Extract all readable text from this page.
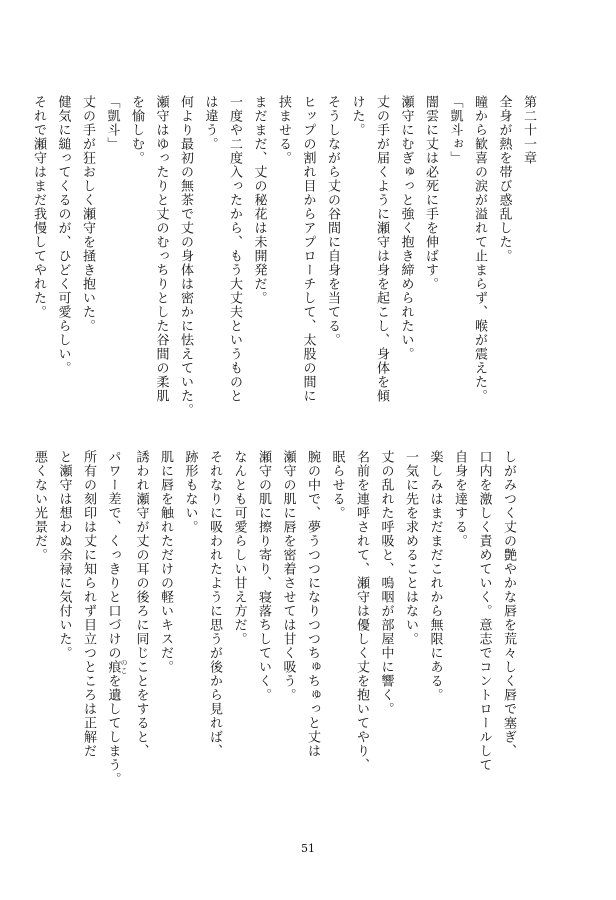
第二十一章

全身が熱を帯び惑乱した。

瞳から歓喜の涙が溢れて止まらず、喉が震えた。

「凱斗ぉ」

闇雲に丈は必死に手を伸ばす。

瀬守にむぎゅっと強く抱き締められたい。

丈の手が届くように瀬守は身を起こし、身体を傾

けた。

そうしながら丈の谷間に自身を当てる。

ヒップの割れ目からアプローチして、太股の間に

挟ませる。

まだまだ、丈の秘花は未開発だ。

一度や二度入ったから、もう大丈夫というものと

は違う。

何より最初の無茶で丈の身体は密かに怯えていた。

瀬守はゆったりと丈のむっちりとした谷間の柔肌

を愉しむ。

「凱斗」

丈の手が狂おしく瀬守を掻き抱いた。

健気に縋ってくるのが、ひどく可愛らしい。

それで瀬守はまだ我慢してやれた。

しがみつく丈の艶やかな唇を荒々しく唇で塞ぎ、

口内を激しく責めていく。意志でコントロールして

自身を達する。

楽しみはまだまだこれから無限にある。

一気に先を求めることはない。

丈の乱れた呼吸と、嗚咽が部屋中に響く。

名前を連呼されて、瀬守は優しく丈を抱いてやり、

眠らせる。

腕の中で、夢うつつになりつつちゅちゅっと丈は

瀬守の肌に唇を密着させては甘く吸う。

瀬守の肌に擦り寄り、寝落ちしていく。

なんとも可愛らしい甘え方だ。

それなりに吸われたように思うが後から見れば、

跡形もない。

肌に唇を触れただけの軽いキスだ。

誘われ瀬守が丈の耳の後ろに同じことをすると、

パワー差で、くっきりと口づけの痕 のこを遺してしまう。

所有の刻印は丈に知られず目立つところは正解だ

と瀬守は想わぬ余禄に気付いた。

悪くない光景だ。

51
